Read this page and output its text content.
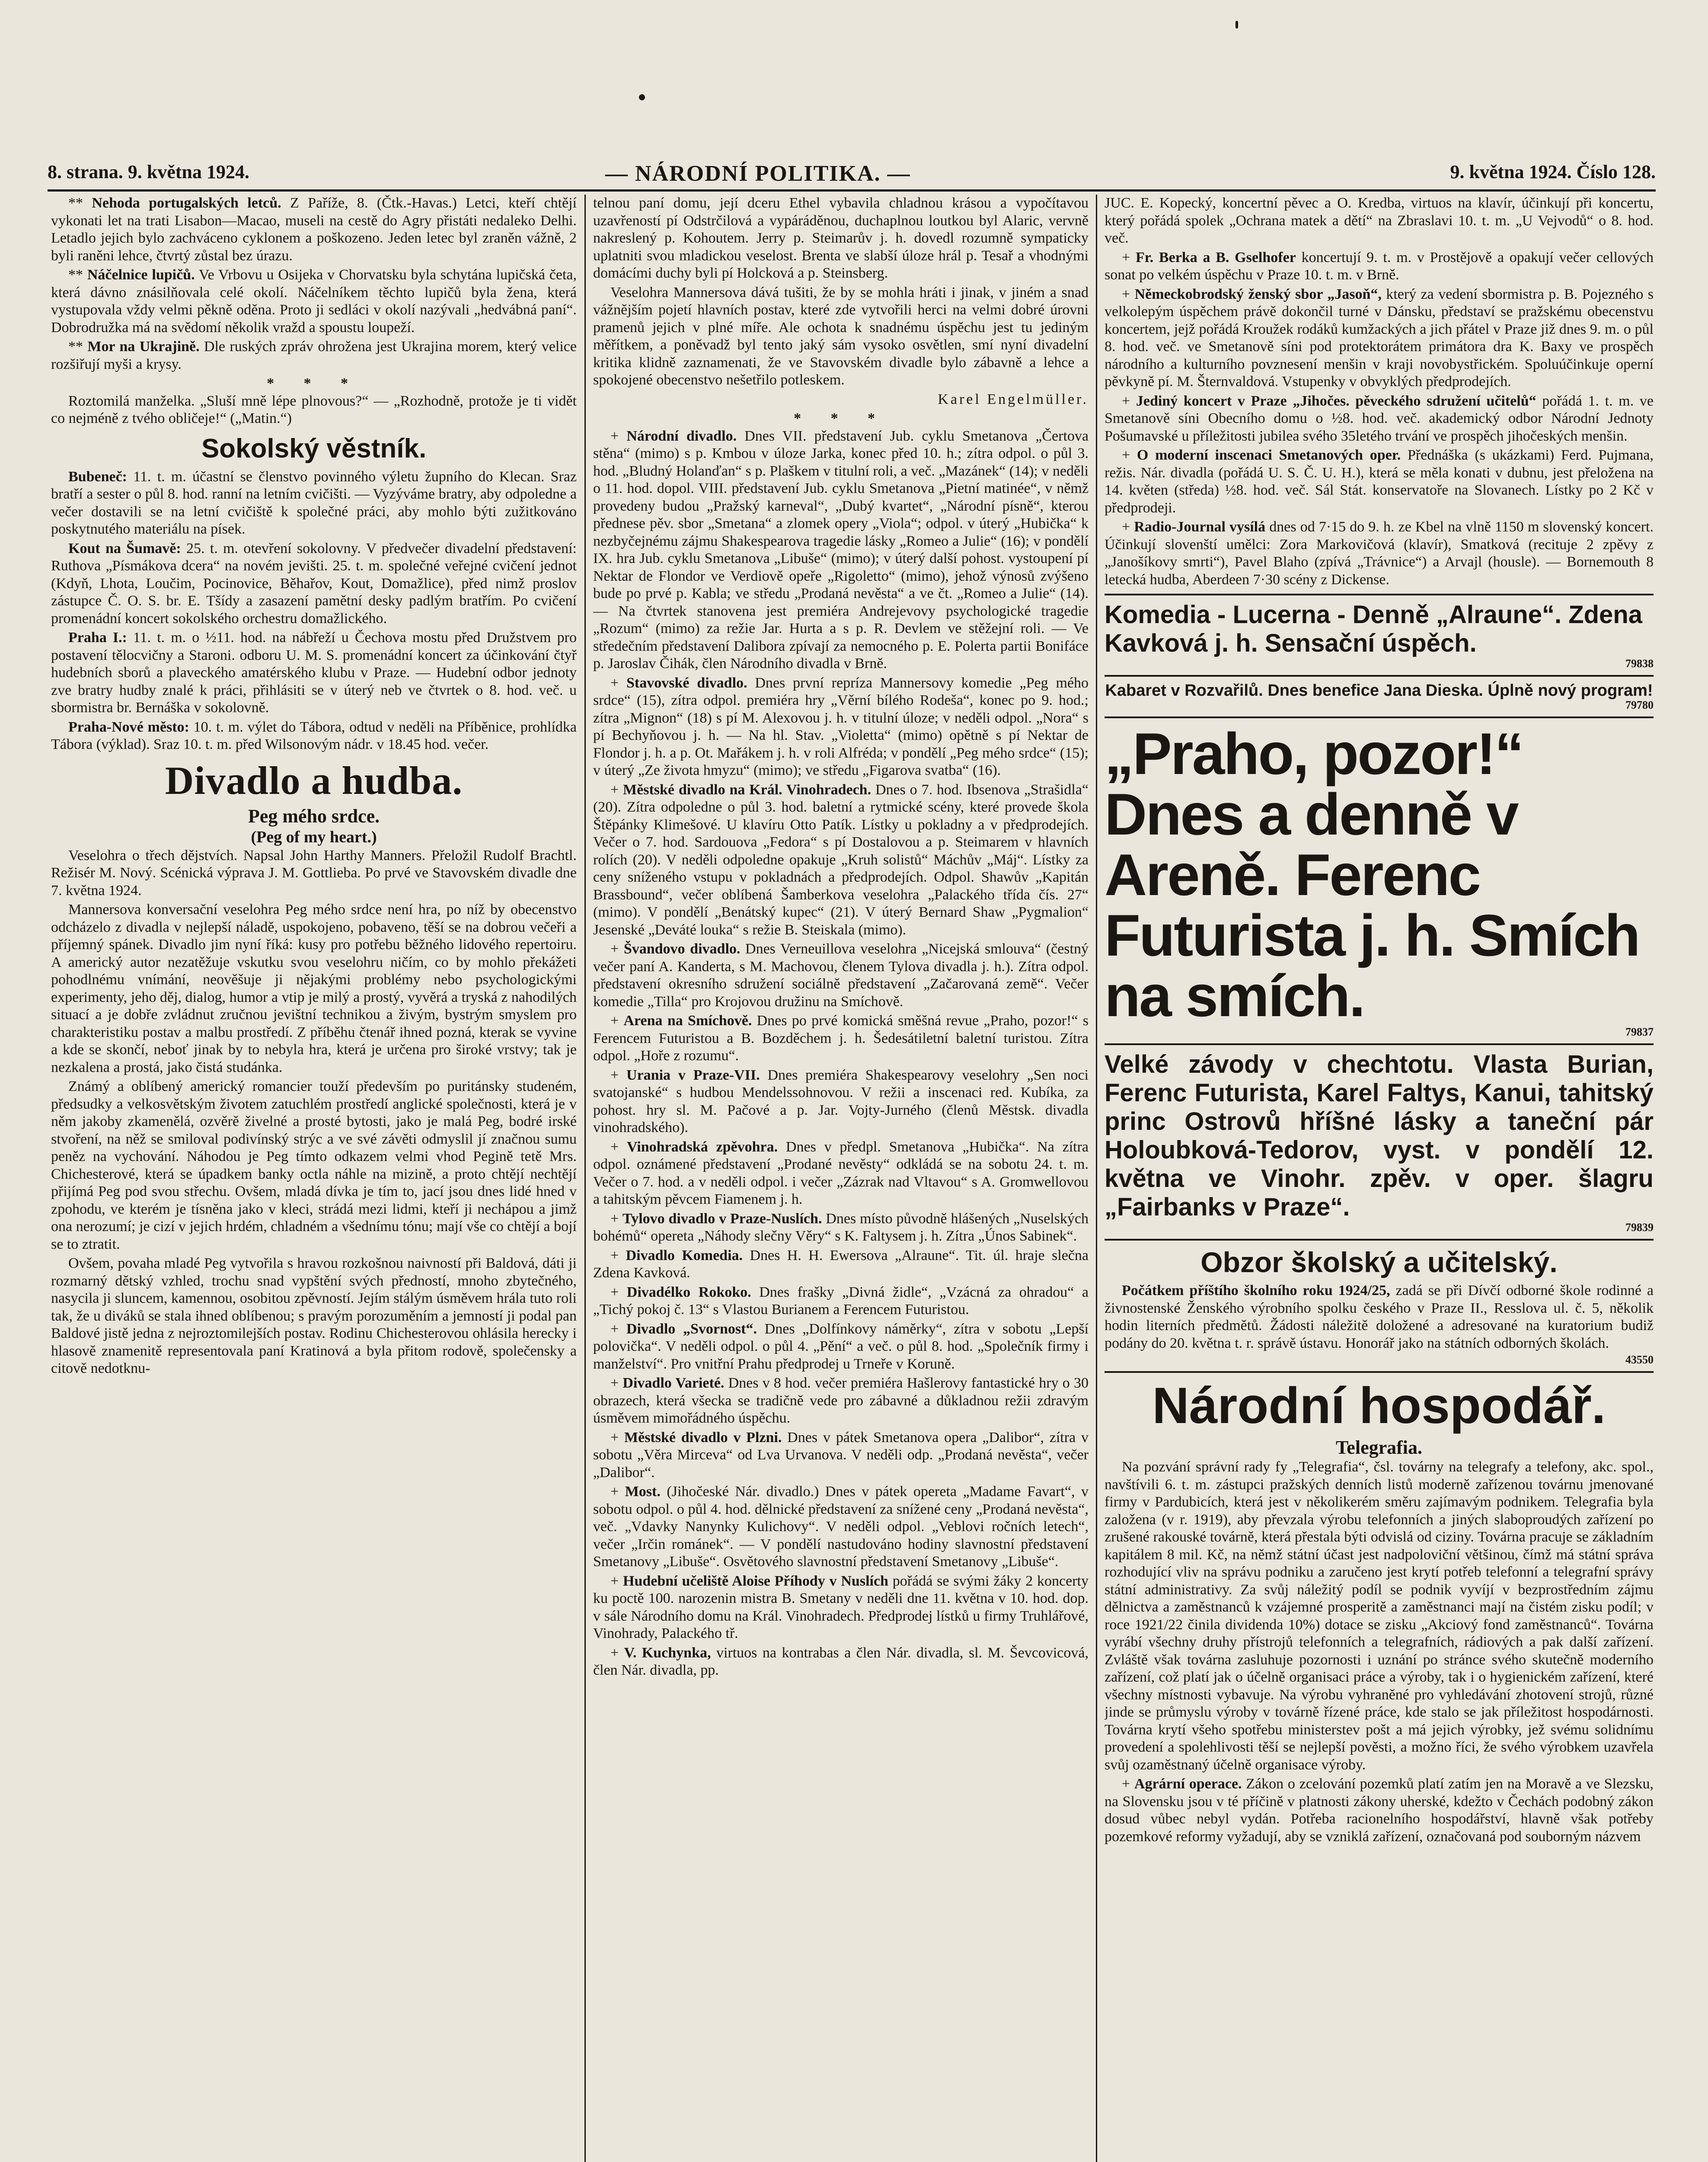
8. strana. 9. května 1924.	— NÁRODNÍ POLITIKA. —	9. května 1924. Číslo 128.

** Nehoda portugalských letců. Z Paříže, 8. (Čtk.-Havas.) Letci, kteří chtějí vykonati let na trati Lisabon—Macao, museli na cestě do Agry přistáti nedaleko Delhi. Letadlo jejich bylo zachváceno cyklonem a poškozeno. Jeden letec byl zraněn vážně, 2 byli raněni lehce, čtvrtý zůstal bez úrazu.

** Náčelnice lupičů. Ve Vrbovu u Osijeka v Chorvatsku byla schytána lupičská četa, která dávno znásilňovala celé okolí. Náčelníkem těchto lupičů byla žena, která vystupovala vždy velmi pěkně oděna. Proto ji sedláci v okolí nazývali „hedvábná paní“. Dobrodružka má na svědomí několik vražd a spoustu loupeží.

** Mor na Ukrajině. Dle ruských zpráv ohrožena jest Ukrajina morem, který velice rozšiřují myši a krysy.

* * *

Roztomilá manželka. „Sluší mně lépe plnovous?“ — „Rozhodně, protože je ti vidět co nejméně z tvého obličeje!“ („Matin.“)

Sokolský věstník.

Bubeneč: 11. t. m. účastní se členstvo povinného výletu župního do Klecan. Sraz bratří a sester o půl 8. hod. ranní na letním cvičišti. — Vyzýváme bratry, aby odpoledne a večer dostavili se na letní cvičiště k společné práci, aby mohlo býti zužitkováno poskytnutého materiálu na písek.

Kout na Šumavě: 25. t. m. otevření sokolovny. V předvečer divadelní představení: Ruthova „Písmákova dcera“ na novém jevišti. 25. t. m. společné veřejné cvičení jednot (Kdyň, Lhota, Loučim, Pocinovice, Běhařov, Kout, Domažlice), před nimž proslov zástupce Č. O. S. br. E. Tšídy a zasazení pamětní desky padlým bratřím. Po cvičení promenádní koncert sokolského orchestru domažlického.

Praha I.: 11. t. m. o ½11. hod. na nábřeží u Čechova mostu před Družstvem pro postavení tělocvičny a Staroni. odboru U. M. S. promenádní koncert za účinkování čtyř hudebních sborů a plaveckého amatérského klubu v Praze. — Hudební odbor jednoty zve bratry hudby znalé k práci, přihlásiti se v úterý neb ve čtvrtek o 8. hod. več. u sbormistra br. Bernáška v sokolovně.

Praha-Nové město: 10. t. m. výlet do Tábora, odtud v neděli na Příběnice, prohlídka Tábora (výklad). Sraz 10. t. m. před Wilsonovým nádr. v 18.45 hod. večer.

Divadlo a hudba.
Peg mého srdce.
(Peg of my heart.)

Veselohra o třech dějstvích. Napsal John Harthy Manners. Přeložil Rudolf Brachtl. Režisér M. Nový. Scénická výprava J. M. Gottlieba. Po prvé ve Stavovském divadle dne 7. května 1924.

Mannersova konversační veselohra Peg mého srdce není hra, po níž by obecenstvo odcházelo z divadla v nejlepší náladě, uspokojeno, pobaveno, těší se na dobrou večeři a příjemný spánek. Divadlo jim nyní říká: kusy pro potřebu běžného lidového repertoiru. A americký autor nezatěžuje vskutku svou veselohru ničím, co by mohlo překážeti pohodlnému vnímání, neověšuje ji nějakými problémy nebo psychologickými experimenty, jeho děj, dialog, humor a vtip je milý a prostý, vyvěrá a tryská z nahodilých situací a je dobře zvládnut zručnou jevištní technikou a živým, bystrým smyslem pro charakteristiku postav a malbu prostředí. Z příběhu čtenář ihned pozná, kterak se vyvine a kde se skončí, neboť jinak by to nebyla hra, která je určena pro široké vrstvy; tak je nezkalena a prostá, jako čistá studánka.

Známý a oblíbený americký romancier touží především po puritánsky studeném, předsudky a velkosvětským životem zatuchlém prostředí anglické společnosti, která je v něm jakoby zkamenělá, ozvěrě živelné a prosté bytosti, jako je malá Peg, bodré irské stvoření, na něž se smiloval podivínský strýc a ve své závěti odmyslil jí značnou sumu peněz na vychování. Náhodou je Peg tímto odkazem velmi vhod Pegině tetě Mrs. Chichesterové, která se úpadkem banky octla náhle na mizině, a proto chtějí nechtějí přijímá Peg pod svou střechu. Ovšem, mladá dívka je tím to, jací jsou dnes lidé hned v zpohodu, ve kterém je tísněna jako v kleci, strádá mezi lidmi, kteří ji nechápou a jimž ona nerozumí; je cizí v jejich hrdém, chladném a všednímu tónu; mají vše co chtějí a bojí se to ztratit.

Ovšem, povaha mladé Peg vytvořila s hravou rozkošnou naivností při Baldová, dáti ji rozmarný dětský vzhled, trochu snad vypštění svých předností, mnoho zbytečného, nasycila ji sluncem, kamennou, osobitou zpěvností. Jejím stálým úsměvem hrála tuto roli tak, že u diváků se stala ihned oblíbenou; s pravým porozuměním a jemností ji podal pan Baldové jistě jedna z nejroztomilejších postav. Rodinu Chichesterovou ohlásila herecky i hlasově znamenitě representovala paní Kratinová a byla přitom rodově, společensky a citově nedotknu-

telnou paní domu, její dceru Ethel vybavila chladnou krásou a vypočítavou uzavřeností pí Odstrčilová a vypáráděnou, duchaplnou loutkou byl Alaric, vervně nakreslený p. Kohoutem. Jerry p. Steimarův j. h. dovedl rozumně sympaticky uplatniti svou mladickou veselost. Brenta ve slabší úloze hrál p. Tesař a vhodnými domácími duchy byli pí Holcková a p. Steinsberg.

Veselohra Mannersova dává tušiti, že by se mohla hráti i jinak, v jiném a snad vážnějším pojetí hlavních postav, které zde vytvořili herci na velmi dobré úrovni pramenů jejich v plné míře. Ale ochota k snadnému úspěchu jest tu jediným měřítkem, a poněvadž byl tento jaký sám vysoko osvětlen, smí nyní divadelní kritika klidně zaznamenati, že ve Stavovském divadle bylo zábavně a lehce a spokojené obecenstvo nešetřilo potleskem.

Karel Engelmüller.

* * *

+ Národní divadlo. Dnes VII. představení Jub. cyklu Smetanova „Čertova stěna“ (mimo) s p. Kmbou v úloze Jarka, konec před 10. h.; zítra odpol. o půl 3. hod. „Bludný Holanďan“ s p. Plaškem v titulní roli, a več. „Mazánek“ (14); v neděli o 11. hod. dopol. VIII. představení Jub. cyklu Smetanova „Pietní matinée“, v němž provedeny budou „Pražský karneval“, „Dubý kvartet“, „Národní písně“, kterou přednese pěv. sbor „Smetana“ a zlomek opery „Viola“; odpol. v úterý „Hubička“ k nezbyčejnému zájmu Shakespearova tragedie lásky „Romeo a Julie“ (16); v pondělí IX. hra Jub. cyklu Smetanova „Libuše“ (mimo); v úterý další pohost. vystoupení pí Nektar de Flondor ve Verdiově opeře „Rigoletto“ (mimo), jehož výnosů zvýšeno bude po prvé p. Kabla; ve středu „Prodaná nevěsta“ a ve čt. „Romeo a Julie“ (14). — Na čtvrtek stanovena jest premiéra Andrejevovy psychologické tragedie „Rozum“ (mimo) za režie Jar. Hurta a s p. R. Devlem ve stěžejní roli. — Ve středečním představení Dalibora zpívají za nemocného p. E. Polerta partii Bonifáce p. Jaroslav Čihák, člen Národního divadla v Brně.

+ Stavovské divadlo. Dnes první repríza Mannersovy komedie „Peg mého srdce“ (15), zítra odpol. premiéra hry „Věrní bílého Rodeša“, konec po 9. hod.; zítra „Mignon“ (18) s pí M. Alexovou j. h. v titulní úloze; v neděli odpol. „Nora“ s pí Bechyňovou j. h. — Na hl. Stav. „Violetta“ (mimo) opětně s pí Nektar de Flondor j. h. a p. Ot. Mařákem j. h. v roli Alfréda; v pondělí „Peg mého srdce“ (15); v úterý „Ze života hmyzu“ (mimo); ve středu „Figarova svatba“ (16).

+ Městské divadlo na Král. Vinohradech. Dnes o 7. hod. Ibsenova „Strašidla“ (20). Zítra odpoledne o půl 3. hod. baletní a rytmické scény, které provede škola Štěpánky Klimešové. U klavíru Otto Patík. Lístky u pokladny a v předprodejích. Večer o 7. hod. Sardouova „Fedora“ s pí Dostalovou a p. Steimarem v hlavních rolích (20). V neděli odpoledne opakuje „Kruh solistů“ Máchův „Máj“. Lístky za ceny sníženého vstupu v pokladnách a předprodejích. Odpol. Shawův „Kapitán Brassbound“, večer oblíbená Šamberkova veselohra „Palackého třída čís. 27“ (mimo). V pondělí „Benátský kupec“ (21). V úterý Bernard Shaw „Pygmalion“ Jesenské „Deváté louka“ s režie B. Steiskala (mimo).

+ Švandovo divadlo. Dnes Verneuillova veselohra „Nicejská smlouva“ (čestný večer paní A. Kanderta, s M. Machovou, členem Tylova divadla j. h.). Zítra odpol. představení okresního sdružení sociálně představení „Začarovaná země“. Večer komedie „Tilla“ pro Krojovou družinu na Smíchově.

+ Arena na Smíchově. Dnes po prvé komická směšná revue „Praho, pozor!“ s Ferencem Futuristou a B. Bozděchem j. h. Šedesátiletní baletní turistou. Zítra odpol. „Hoře z rozumu“.

+ Urania v Praze-VII. Dnes premiéra Shakespearovy veselohry „Sen noci svatojanské“ s hudbou Mendelssohnovou. V režii a inscenaci red. Kubíka, za pohost. hry sl. M. Pačové a p. Jar. Vojty-Jurného (členů Městsk. divadla vinohradského).

+ Vinohradská zpěvohra. Dnes v předpl. Smetanova „Hubička“. Na zítra odpol. oznámené představení „Prodané nevěsty“ odkládá se na sobotu 24. t. m. Večer o 7. hod. a v neděli odpol. i večer „Zázrak nad Vltavou“ s A. Gromwellovou a tahitským pěvcem Fiamenem j. h.

+ Tylovo divadlo v Praze-Nuslích. Dnes místo původně hlášených „Nuselských bohémů“ opereta „Náhody slečny Věry“ s K. Faltysem j. h. Zítra „Únos Sabinek“.

+ Divadlo Komedia. Dnes H. H. Ewersova „Alraune“. Tit. úl. hraje slečna Zdena Kavková.

+ Divadélko Rokoko. Dnes frašky „Divná židle“, „Vzácná za ohradou“ a „Tichý pokoj č. 13“ s Vlastou Burianem a Ferencem Futuristou.

+ Divadlo „Svornost“. Dnes „Dolfínkovy náměrky“, zítra v sobotu „Lepší polovička“. V neděli odpol. o půl 4. „Pění“ a več. o půl 8. hod. „Společník firmy i manželství“. Pro vnitřní Prahu předprodej u Trneře v Koruně.

+ Divadlo Varieté. Dnes v 8 hod. večer premiéra Hašlerovy fantastické hry o 30 obrazech, která všecka se tradičně vede pro zábavné a důkladnou režii zdravým úsměvem mimořádného úspěchu.

+ Městské divadlo v Plzni. Dnes v pátek Smetanova opera „Dalibor“, zítra v sobotu „Věra Mirceva“ od Lva Urvanova. V neděli odp. „Prodaná nevěsta“, večer „Dalibor“.

+ Most. (Jihočeské Nár. divadlo.) Dnes v pátek opereta „Madame Favart“, v sobotu odpol. o půl 4. hod. dělnické představení za snížené ceny „Prodaná nevěsta“, več. „Vdavky Nanynky Kulichovy“. V neděli odpol. „Veblovi ročních letech“, večer „Irčin románek“. — V pondělí nastudováno hodiny slavnostní představení Smetanovy „Libuše“. Osvětového slavnostní představení Smetanovy „Libuše“.

+ Hudební učeliště Aloise Příhody v Nuslích pořádá se svými žáky 2 koncerty ku poctě 100. narozenin mistra B. Smetany v neděli dne 11. května v 10. hod. dop. v sále Národního domu na Král. Vinohradech. Předprodej lístků u firmy Truhlářové, Vinohrady, Palackého tř.

+ V. Kuchynka, virtuos na kontrabas a člen Nár. divadla, sl. M. Ševcovicová, člen Nár. divadla, pp.

JUC. E. Kopecký, koncertní pěvec a O. Kredba, virtuos na klavír, účinkují při koncertu, který pořádá spolek „Ochrana matek a dětí“ na Zbraslavi 10. t. m. „U Vejvodů“ o 8. hod. več.

+ Fr. Berka a B. Gselhofer koncertují 9. t. m. v Prostějově a opakují večer cellových sonat po velkém úspěchu v Praze 10. t. m. v Brně.

+ Německobrodský ženský sbor „Jasoň“, který za vedení sbormistra p. B. Pojezného s velkolepým úspěchem právě dokončil turné v Dánsku, představí se pražskému obecenstvu koncertem, jejž pořádá Kroužek rodáků kumžackých a jich přátel v Praze již dnes 9. m. o půl 8. hod. več. ve Smetanově síni pod protektorátem primátora dra K. Baxy ve prospěch národního a kulturního povznesení menšin v kraji novobystřickém. Spoluúčinkuje operní pěvkyně pí. M. Šternvaldová. Vstupenky v obvyklých předprodejích.

+ Jediný koncert v Praze „Jihočes. pěveckého sdružení učitelů“ pořádá 1. t. m. ve Smetanově síni Obecního domu o ½8. hod. več. akademický odbor Národní Jednoty Pošumavské u příležitosti jubilea svého 35letého trvání ve prospěch jihočeských menšin.

+ O moderní inscenaci Smetanových oper. Přednáška (s ukázkami) Ferd. Pujmana, režis. Nár. divadla (pořádá U. S. Č. U. H.), která se měla konati v dubnu, jest přeložena na 14. květen (středa) ½8. hod. več. Sál Stát. konservatoře na Slovanech. Lístky po 2 Kč v předprodeji.

+ Radio-Journal vysílá dnes od 7·15 do 9. h. ze Kbel na vlně 1150 m slovenský koncert. Účinkují slovenští umělci: Zora Markovičová (klavír), Smatková (recituje 2 zpěvy z „Janošíkovy smrti“), Pavel Blaho (zpívá „Trávnice“) a Arvajl (housle). — Bornemouth 8 letecká hudba, Aberdeen 7·30 scény z Dickense.

Komedia - Lucerna - Denně „Alraune“. Zdena Kavková j. h. Sensační úspěch.
79838
Kabaret v Rozvařilů. Dnes benefice Jana Dieska. Úplně nový program!
79780
„Praho, pozor!“ Dnes a denně v Areně. Ferenc Futurista j. h. Smích na smích.
79837
Velké závody v chechtotu. Vlasta Burian, Ferenc Futurista, Karel Faltys, Kanui, tahitský princ Ostrovů hříšné lásky a taneční pár Holoubková-Tedorov, vyst. v pondělí 12. května ve Vinohr. zpěv. v oper. šlagru „Fairbanks v Praze“.
79839
Obzor školský a učitelský.

Počátkem příštího školního roku 1924/25, zadá se při Dívčí odborné škole rodinné a živnostenské Ženského výrobního spolku českého v Praze II., Resslova ul. č. 5, několik hodin literních předmětů. Žádosti náležitě doložené a adresované na kuratorium budiž podány do 20. května t. r. správě ústavu. Honorář jako na státních odborných školách.

43550
Národní hospodář.
Telegrafia.

Na pozvání správní rady fy „Telegrafia“, čsl. továrny na telegrafy a telefony, akc. spol., navštívili 6. t. m. zástupci pražských denních listů moderně zařízenou továrnu jmenované firmy v Pardubicích, která jest v několikerém směru zajímavým podnikem. Telegrafia byla založena (v r. 1919), aby převzala výrobu telefonních a jiných slaboproudých zařízení po zrušené rakouské továrně, která přestala býti odvislá od ciziny. Továrna pracuje se základním kapitálem 8 mil. Kč, na němž státní účast jest nadpoloviční většinou, čímž má státní správa rozhodující vliv na správu podniku a zaručeno jest krytí potřeb telefonní a telegrafní správy státní administrativy. Za svůj náležitý podíl se podnik vyvíjí v bezprostředním zájmu dělnictva a zaměstnanců k vzájemné prosperitě a zaměstnanci mají na čistém zisku podíl; v roce 1921/22 činila dividenda 10%) dotace se zisku „Akciový fond zaměstnanců“. Továrna vyrábí všechny druhy přístrojů telefonních a telegrafních, rádiových a pak další zařízení. Zvláště však továrna zasluhuje pozornosti i uznání po stránce svého skutečně moderního zařízení, což platí jak o účelně organisaci práce a výroby, tak i o hygienickém zařízení, které všechny místnosti vybavuje. Na výrobu vyhraněné pro vyhledávání zhotovení strojů, různé jinde se průmyslu výroby v továrně řízené práce, kde stalo se jak příležitost hospodárnosti. Továrna krytí všeho spotřebu ministerstev pošt a má jejich výrobky, jež svému solidnímu provedení a spolehlivosti těší se nejlepší pověsti, a možno říci, že svého výrobkem uzavřela svůj ozaměstnaný účelně organisace výroby.

+ Agrární operace. Zákon o zcelování pozemků platí zatím jen na Moravě a ve Slezsku, na Slovensku jsou v té příčině v platnosti zákony uherské, kdežto v Čechách podobný zákon dosud vůbec nebyl vydán. Potřeba racionelního hospodářství, hlavně však potřeby pozemkové reformy vyžadují, aby se vzniklá zařízení, označovaná pod souborným názvem
